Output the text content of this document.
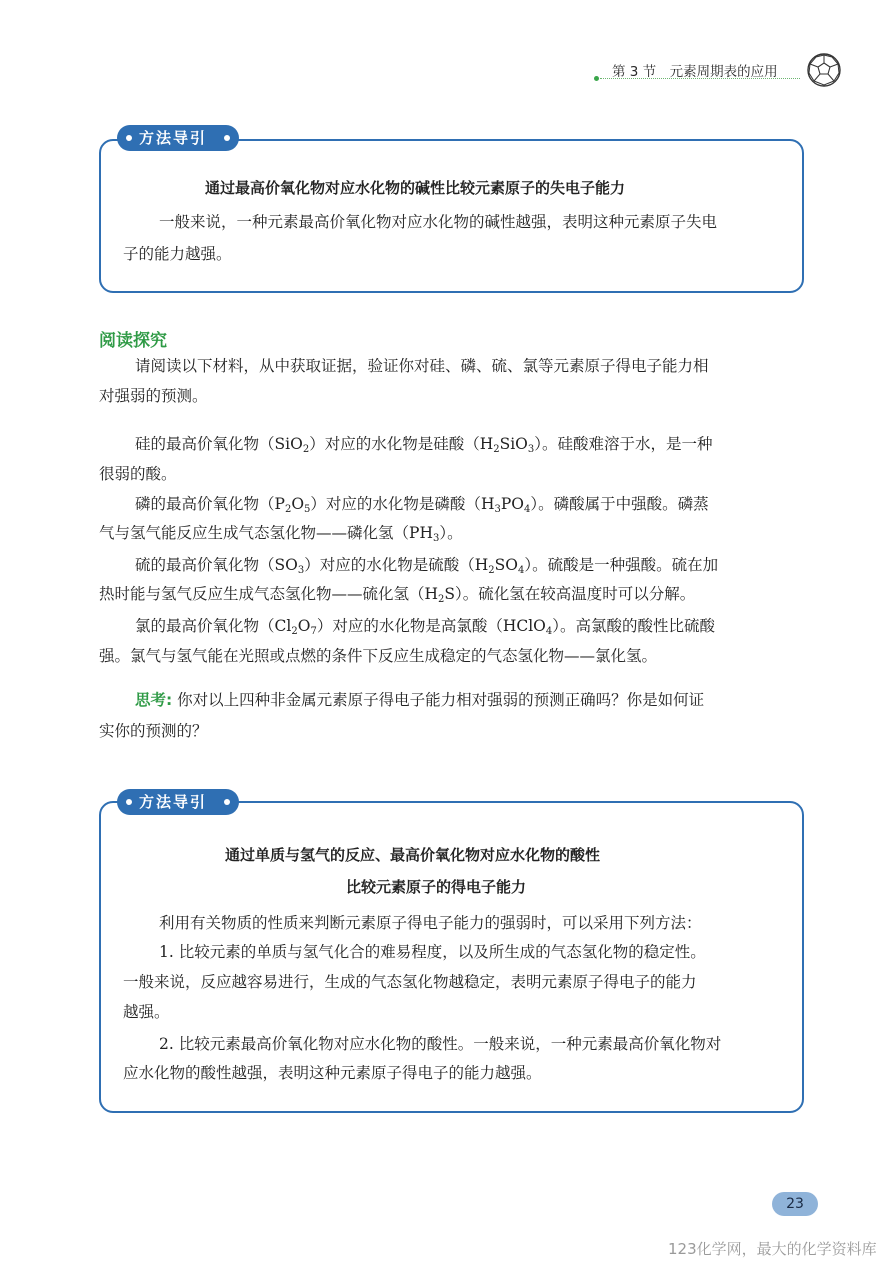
第 3 节　元素周期表的应用
方法导引
通过最高价氧化物对应水化物的碱性比较元素原子的失电子能力
一般来说，一种元素最高价氧化物对应水化物的碱性越强，表明这种元素原子失电
子的能力越强。
阅读探究
请阅读以下材料，从中获取证据，验证你对硅、磷、硫、氯等元素原子得电子能力相
对强弱的预测。
硅的最高价氧化物（SiO$_2$）对应的水化物是硅酸$(H_2SiO_3)$。硅酸难溶于水，是一种
很弱的酸。
磷的最高价氧化物$(P_2O_5)$对应的水化物是磷酸$(H_3PO_4)$。磷酸属于中强酸。磷蒸
气与氢气能反应生成气态氢化物——磷化氢$(PH_3)$。
硫的最高价氧化物$(SO_3)$对应的水化物是硫酸$(H_2SO_4)$。硫酸是一种强酸。硫在加
热时能与氢气反应生成气态氢化物——硫化氢$(H_2S)$。硫化氢在较高温度时可以分解。
氯的最高价氧化物$(Cl_2O_7)$对应的水化物是高氯酸（HClO$_4$）。高氯酸的酸性比硫酸
强。氯气与氢气能在光照或点燃的条件下反应生成稳定的气态氢化物——氯化氢。
思考: 你对以上四种非金属元素原子得电子能力相对强弱的预测正确吗？你是如何证
实你的预测的？
方法导引
通过单质与氢气的反应、最高价氧化物对应水化物的酸性
比较元素原子的得电子能力
利用有关物质的性质来判断元素原子得电子能力的强弱时，可以采用下列方法：
1. 比较元素的单质与氢气化合的难易程度，以及所生成的气态氢化物的稳定性。
一般来说，反应越容易进行，生成的气态氢化物越稳定，表明元素原子得电子的能力
越强。
2. 比较元素最高价氧化物对应水化物的酸性。一般来说，一种元素最高价氧化物对
应水化物的酸性越强，表明这种元素原子得电子的能力越强。
23
123化学网，最大的化学资料库
